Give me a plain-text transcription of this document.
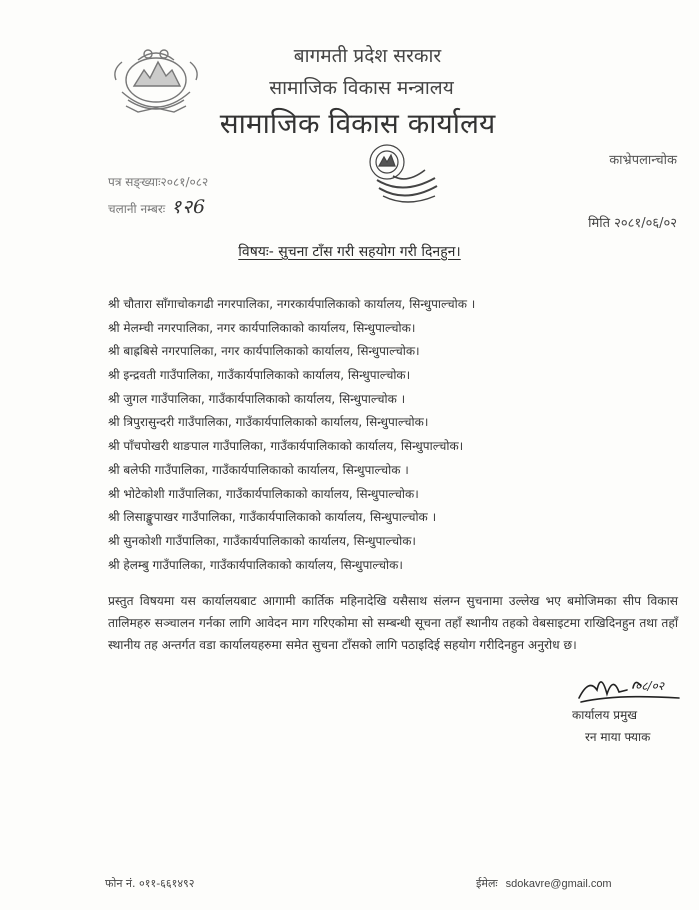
बागमती प्रदेश सरकार
सामाजिक विकास मन्त्रालय
सामाजिक विकास कार्यालय
काभ्रेपलान्चोक
पत्र सङ्ख्याः२०८१/०८२
चलानी नम्बरः १२6
मिति २०८१/०६/०२
विषयः- सुचना टाँस गरी सहयोग गरी दिनहुन।
श्री चौतारा साँगाचोकगढी नगरपालिका, नगरकार्यपालिकाको कार्यालय, सिन्धुपाल्चोक ।
श्री मेलम्ची नगरपालिका, नगर कार्यपालिकाको कार्यालय, सिन्धुपाल्चोक।
श्री बाह्रबिसे नगरपालिका, नगर कार्यपालिकाको कार्यालय, सिन्धुपाल्चोक।
श्री इन्द्रवती गाउँपालिका, गाउँकार्यपालिकाको कार्यालय, सिन्धुपाल्चोक।
श्री जुगल गाउँपालिका, गाउँकार्यपालिकाको कार्यालय, सिन्धुपाल्चोक ।
श्री त्रिपुरासुन्दरी गाउँपालिका, गाउँकार्यपालिकाको कार्यालय, सिन्धुपाल्चोक।
श्री पाँचपोखरी थाङपाल गाउँपालिका, गाउँकार्यपालिकाको कार्यालय, सिन्धुपाल्चोक।
श्री बलेफी गाउँपालिका, गाउँकार्यपालिकाको कार्यालय, सिन्धुपाल्चोक ।
श्री भोटेकोशी गाउँपालिका, गाउँकार्यपालिकाको कार्यालय, सिन्धुपाल्चोक।
श्री लिसाङ्खुपाखर गाउँपालिका, गाउँकार्यपालिकाको कार्यालय, सिन्धुपाल्चोक ।
श्री सुनकोशी गाउँपालिका, गाउँकार्यपालिकाको कार्यालय, सिन्धुपाल्चोक।
श्री हेलम्बु गाउँपालिका, गाउँकार्यपालिकाको कार्यालय, सिन्धुपाल्चोक।
प्रस्तुत विषयमा यस कार्यालयबाट आगामी कार्तिक महिनादेखि यसैसाथ संलग्न सुचनामा उल्लेख भए बमोजिमका सीप विकास तालिमहरु सञ्चालन गर्नका लागि आवेदन माग गरिएकोमा सो सम्बन्धी सूचना तहाँ स्थानीय तहको वेबसाइटमा राखिदिनहुन तथा तहाँ स्थानीय तह अन्तर्गत वडा कार्यालयहरुमा समेत सुचना टाँसको लागि पठाइदिई सहयोग गरीदिनहुन अनुरोध छ।
०८/०२
कार्यालय प्रमुख
रन माया फ्याक
फोन नं. ०११-६६१४९२	ईमेलः sdokavre@gmail.com
